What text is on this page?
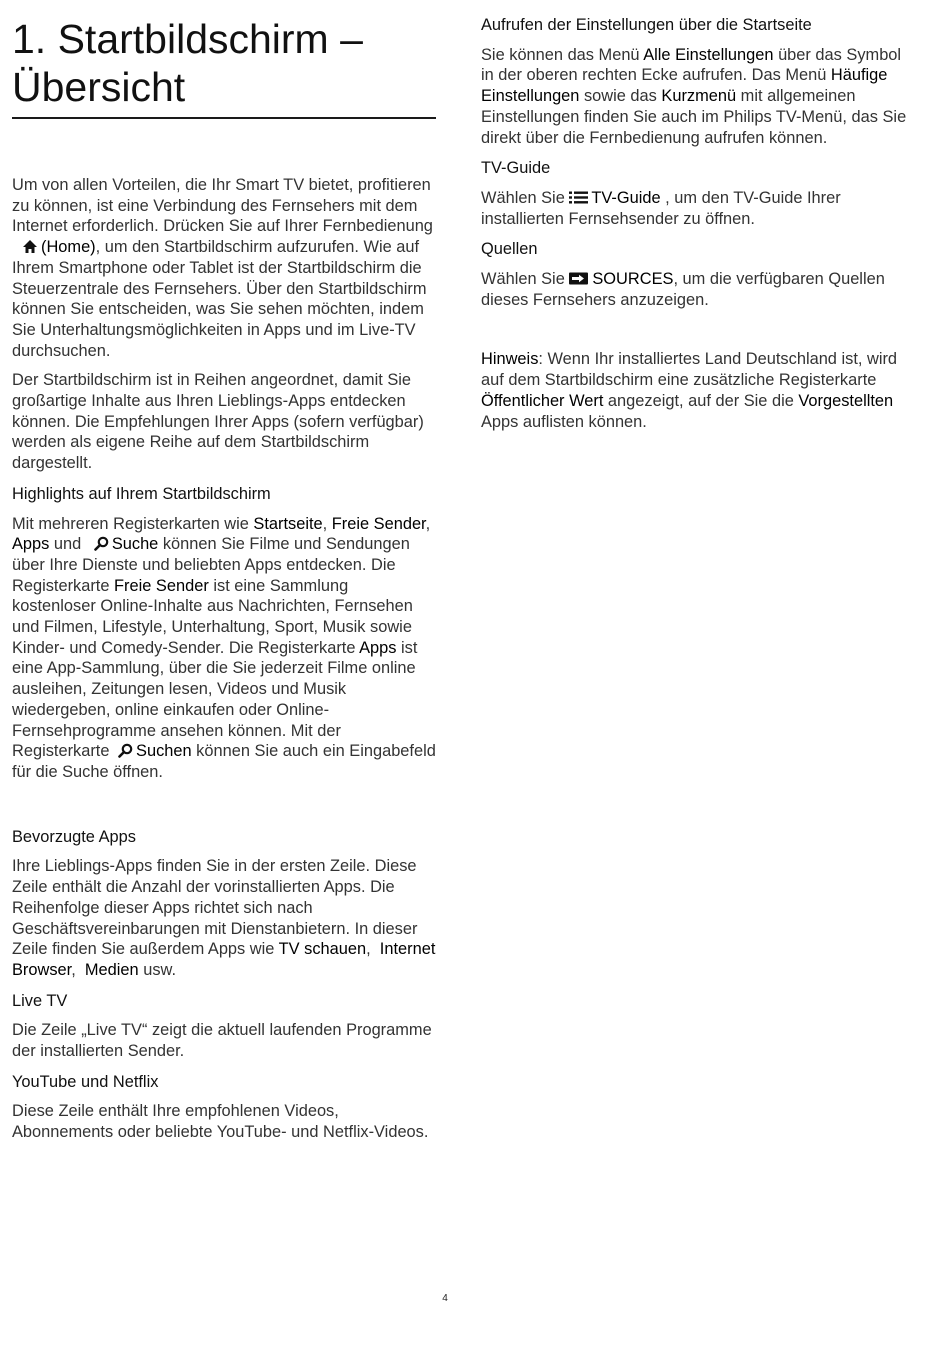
1. Startbildschirm –
Übersicht

Um von allen Vorteilen, die Ihr Smart TV bietet, profitieren zu können, ist eine Verbindung des Fernsehers mit dem Internet erforderlich. Drücken Sie auf Ihrer Fernbedienung (Home), um den Startbildschirm aufzurufen. Wie auf Ihrem Smartphone oder Tablet ist der Startbildschirm die Steuerzentrale des Fernsehers. Über den Startbildschirm können Sie entscheiden, was Sie sehen möchten, indem Sie Unterhaltungsmöglichkeiten in Apps und im Live-TV durchsuchen.

Der Startbildschirm ist in Reihen angeordnet, damit Sie großartige Inhalte aus Ihren Lieblings-Apps entdecken können. Die Empfehlungen Ihrer Apps (sofern verfügbar) werden als eigene Reihe auf dem Startbildschirm dargestellt.

Highlights auf Ihrem Startbildschirm

Mit mehreren Registerkarten wie Startseite, Freie Sender, Apps und Suche können Sie Filme und Sendungen über Ihre Dienste und beliebten Apps entdecken. Die Registerkarte Freie Sender ist eine Sammlung kostenloser Online-Inhalte aus Nachrichten, Fernsehen und Filmen, Lifestyle, Unterhaltung, Sport, Musik sowie Kinder- und Comedy-Sender. Die Registerkarte Apps ist eine App-Sammlung, über die Sie jederzeit Filme online ausleihen, Zeitungen lesen, Videos und Musik wiedergeben, online einkaufen oder Online-Fernsehprogramme ansehen können. Mit der Registerkarte Suchen können Sie auch ein Eingabefeld für die Suche öffnen.

Bevorzugte Apps

Ihre Lieblings-Apps finden Sie in der ersten Zeile. Diese Zeile enthält die Anzahl der vorinstallierten Apps. Die Reihenfolge dieser Apps richtet sich nach Geschäftsvereinbarungen mit Dienstanbietern. In dieser Zeile finden Sie außerdem Apps wie TV schauen,  Internet Browser,  Medien usw.

Live TV

Die Zeile „Live TV“ zeigt die aktuell laufenden Programme der installierten Sender.

YouTube und Netflix

Diese Zeile enthält Ihre empfohlenen Videos, Abonnements oder beliebte YouTube- und Netflix-Videos.

Aufrufen der Einstellungen über die Startseite

Sie können das Menü Alle Einstellungen über das Symbol in der oberen rechten Ecke aufrufen. Das Menü Häufige Einstellungen sowie das Kurzmenü mit allgemeinen Einstellungen finden Sie auch im Philips TV-Menü, das Sie direkt über die Fernbedienung aufrufen können.

TV-Guide

Wählen Sie TV-Guide , um den TV-Guide Ihrer installierten Fernsehsender zu öffnen.

Quellen

Wählen Sie SOURCES, um die verfügbaren Quellen dieses Fernsehers anzuzeigen.

Hinweis: Wenn Ihr installiertes Land Deutschland ist, wird auf dem Startbildschirm eine zusätzliche Registerkarte Öffentlicher Wert angezeigt, auf der Sie die Vorgestellten Apps auflisten können.

4
